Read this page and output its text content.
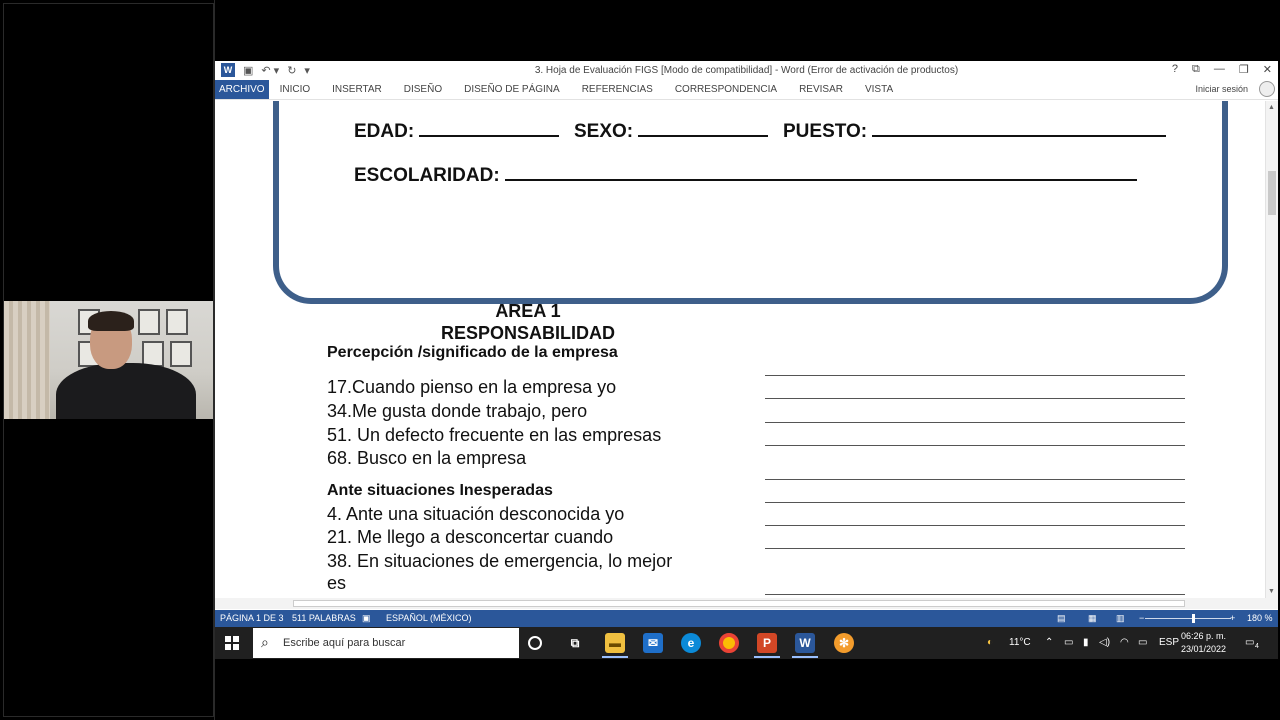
W ▣ ↶ ▾ ↻ ▾	3. Hoja de Evaluación FIGS [Modo de compatibilidad] - Word (Error de activación de productos)	? ⧉ — ❐ ✕
ARCHIVO	INICIO	INSERTAR	DISEÑO	DISEÑO DE PÁGINA	REFERENCIAS	CORRESPONDENCIA	REVISAR	VISTA	Iniciar sesión
EDAD:	SEXO:	PUESTO:
ESCOLARIDAD:
AREA 1
RESPONSABILIDAD
Percepción /significado de la empresa
17.Cuando pienso en la empresa yo
34.Me gusta donde trabajo, pero
51. Un defecto frecuente en las empresas
68. Busco en la empresa
Ante situaciones Inesperadas
4. Ante una situación desconocida yo
21. Me llego a desconcertar cuando
38. En situaciones de emergencia, lo mejor
es
▲
▼
PÁGINA 1 DE 3 511 PALABRAS ▣ ESPAÑOL (MÉXICO)	▤ ▦ ▥ −	+ 180 %
⌕ Escribe aquí para buscar	⧉	▬	✉	e	P	W	✻	◐ 11°C ⌃ ▭ ▮ ◁) ◠ ▭ ESP
06:26 p. m.
23/01/2022
▭ 4
